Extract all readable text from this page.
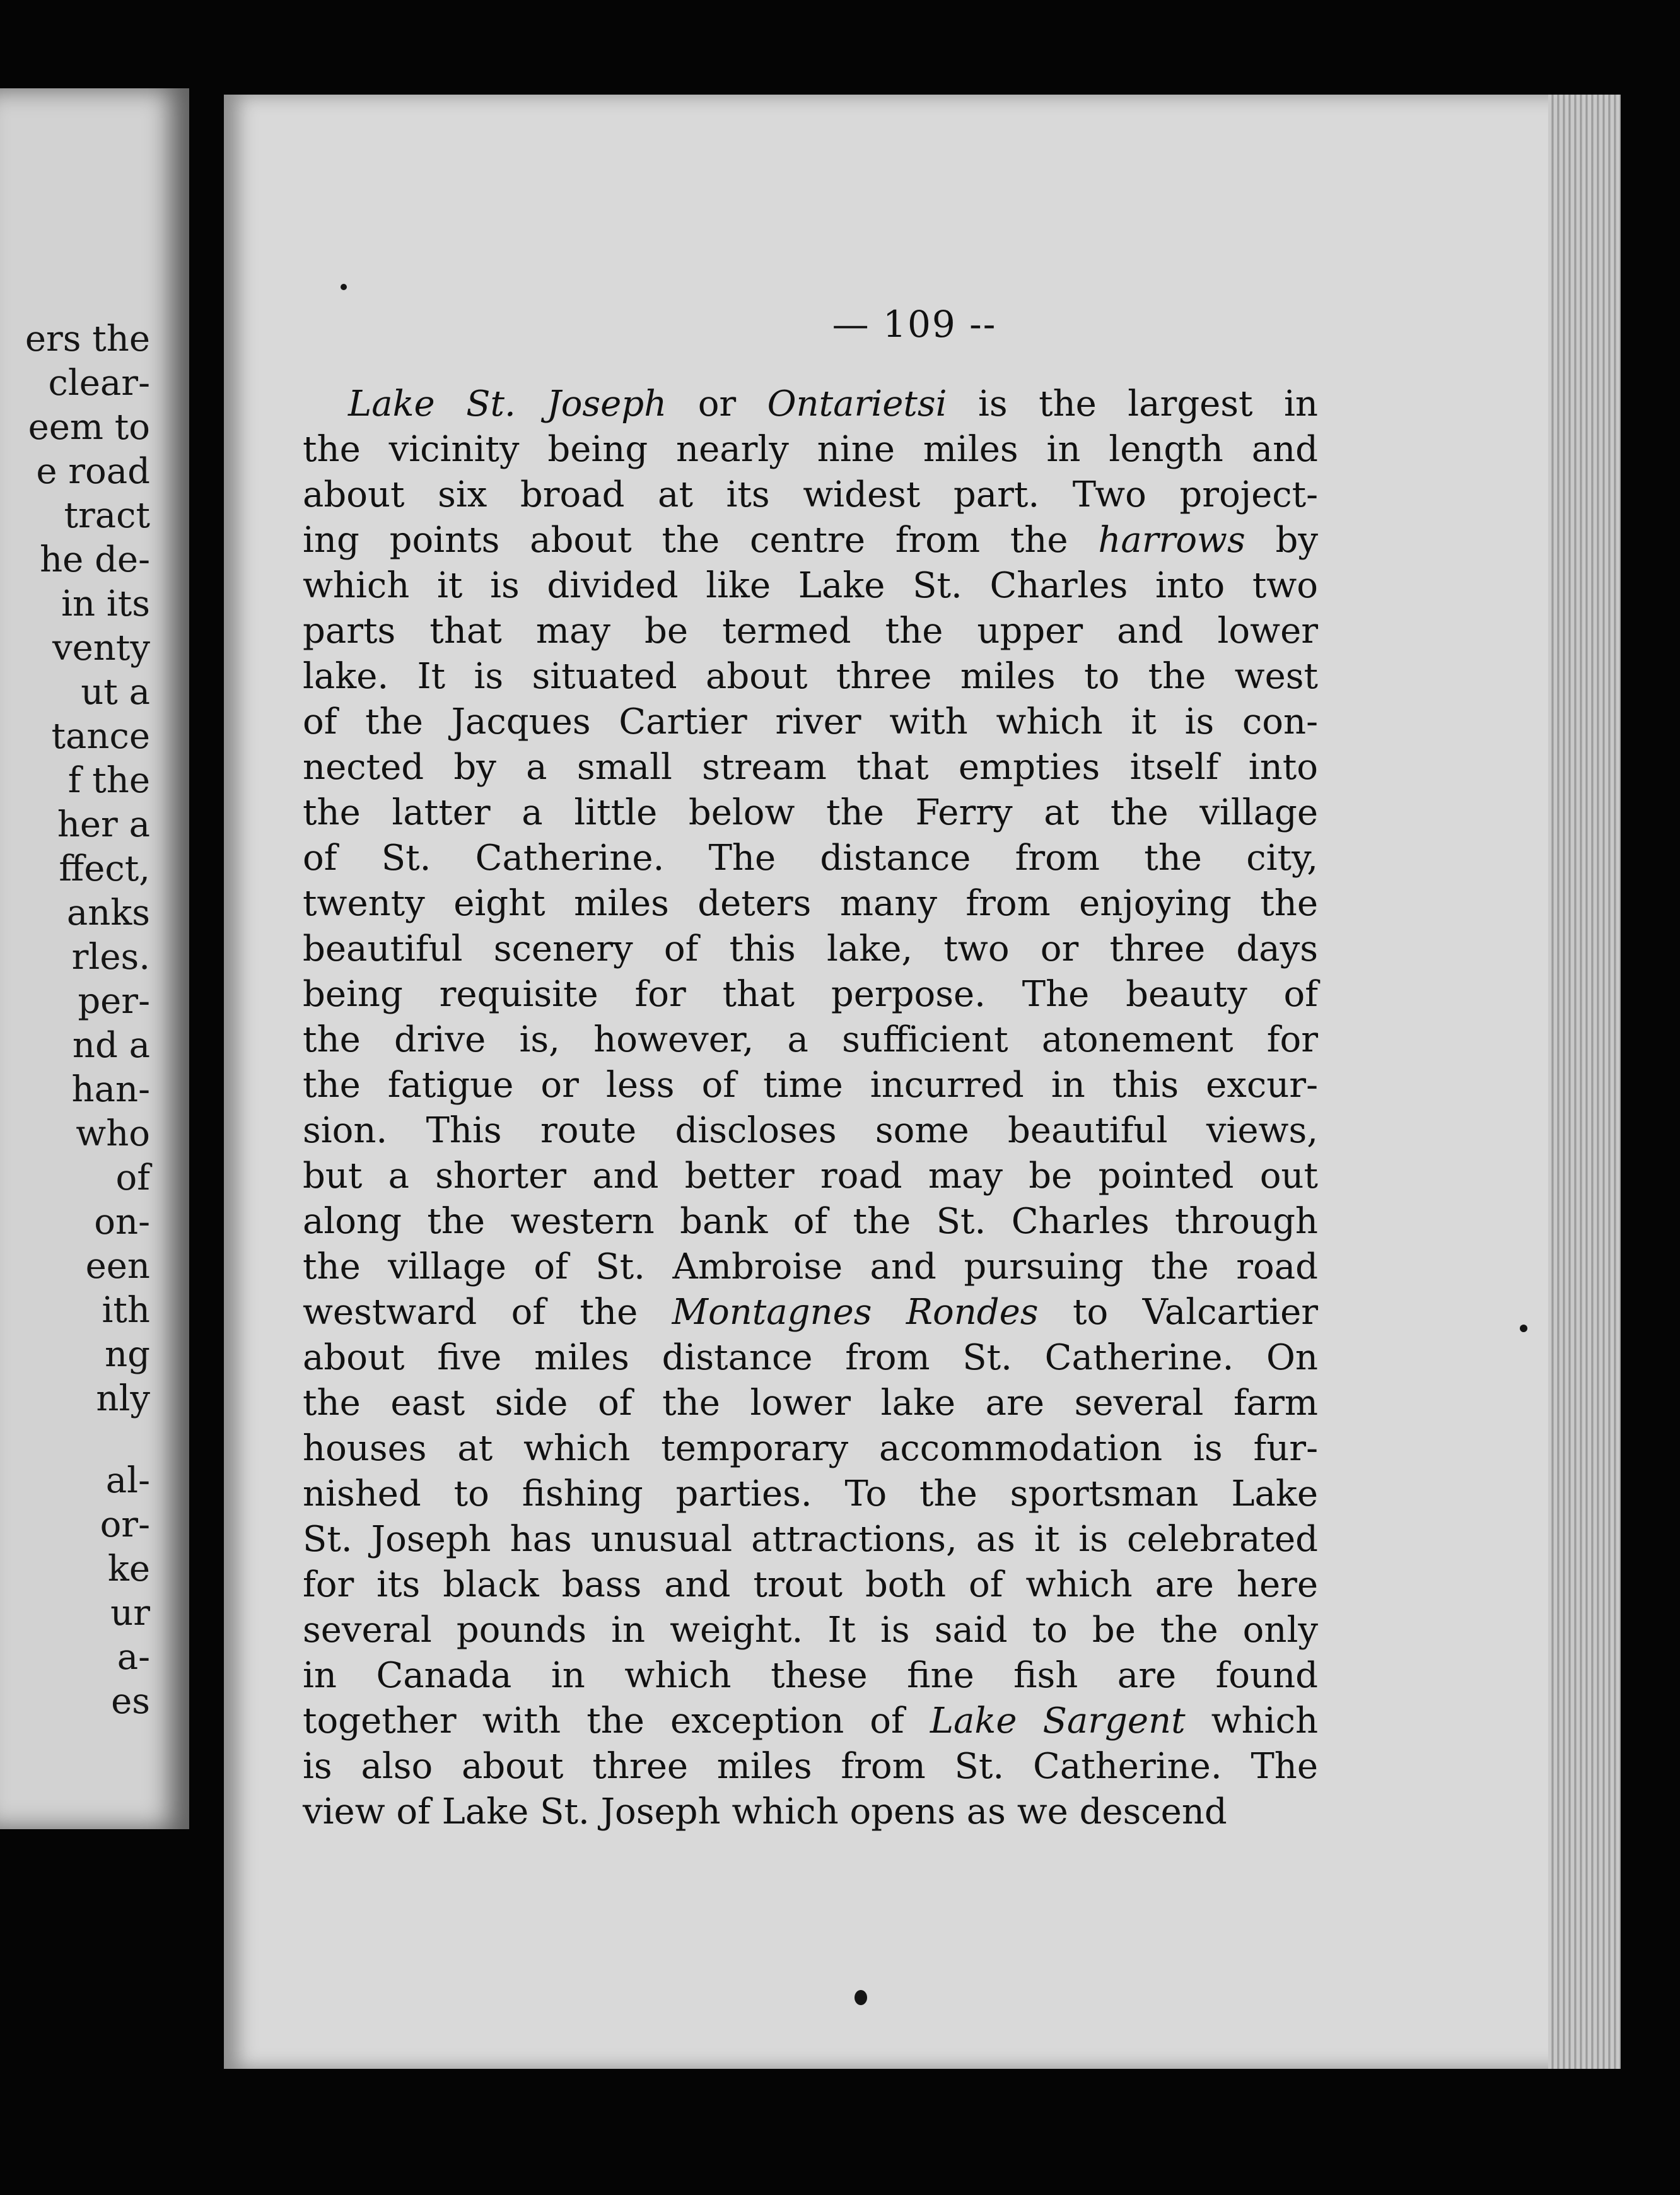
ers the
clear-
eem to
e road
tract
he de-
in its
venty
ut a
tance
f the
her a
ffect,
anks
rles.
per-
nd a
han-
who
of
on-
een
ith
ng
nly
al-
or-
ke
ur
a-
es
— 109 --
Lake St. Joseph or Ontarietsi is the largest in
the vicinity being nearly nine miles in length and
about six broad at its widest part. Two project-
ing points about the centre from the harrows by
which it is divided like Lake St. Charles into two
parts that may be termed the upper and lower
lake. It is situated about three miles to the west
of the Jacques Cartier river with which it is con-
nected by a small stream that empties itself into
the latter a little below the Ferry at the village
of St. Catherine. The distance from the city,
twenty eight miles deters many from enjoying the
beautiful scenery of this lake, two or three days
being requisite for that perpose. The beauty of
the drive is, however, a sufficient atonement for
the fatigue or less of time incurred in this excur-
sion. This route discloses some beautiful views,
but a shorter and better road may be pointed out
along the western bank of the St. Charles through
the village of St. Ambroise and pursuing the road
westward of the Montagnes Rondes to Valcartier
about five miles distance from St. Catherine. On
the east side of the lower lake are several farm
houses at which temporary accommodation is fur-
nished to fishing parties. To the sportsman Lake
St. Joseph has unusual attractions, as it is celebrated
for its black bass and trout both of which are here
several pounds in weight. It is said to be the only
in Canada in which these fine fish are found
together with the exception of Lake Sargent which
is also about three miles from St. Catherine. The
view of Lake St. Joseph which opens as we descend
